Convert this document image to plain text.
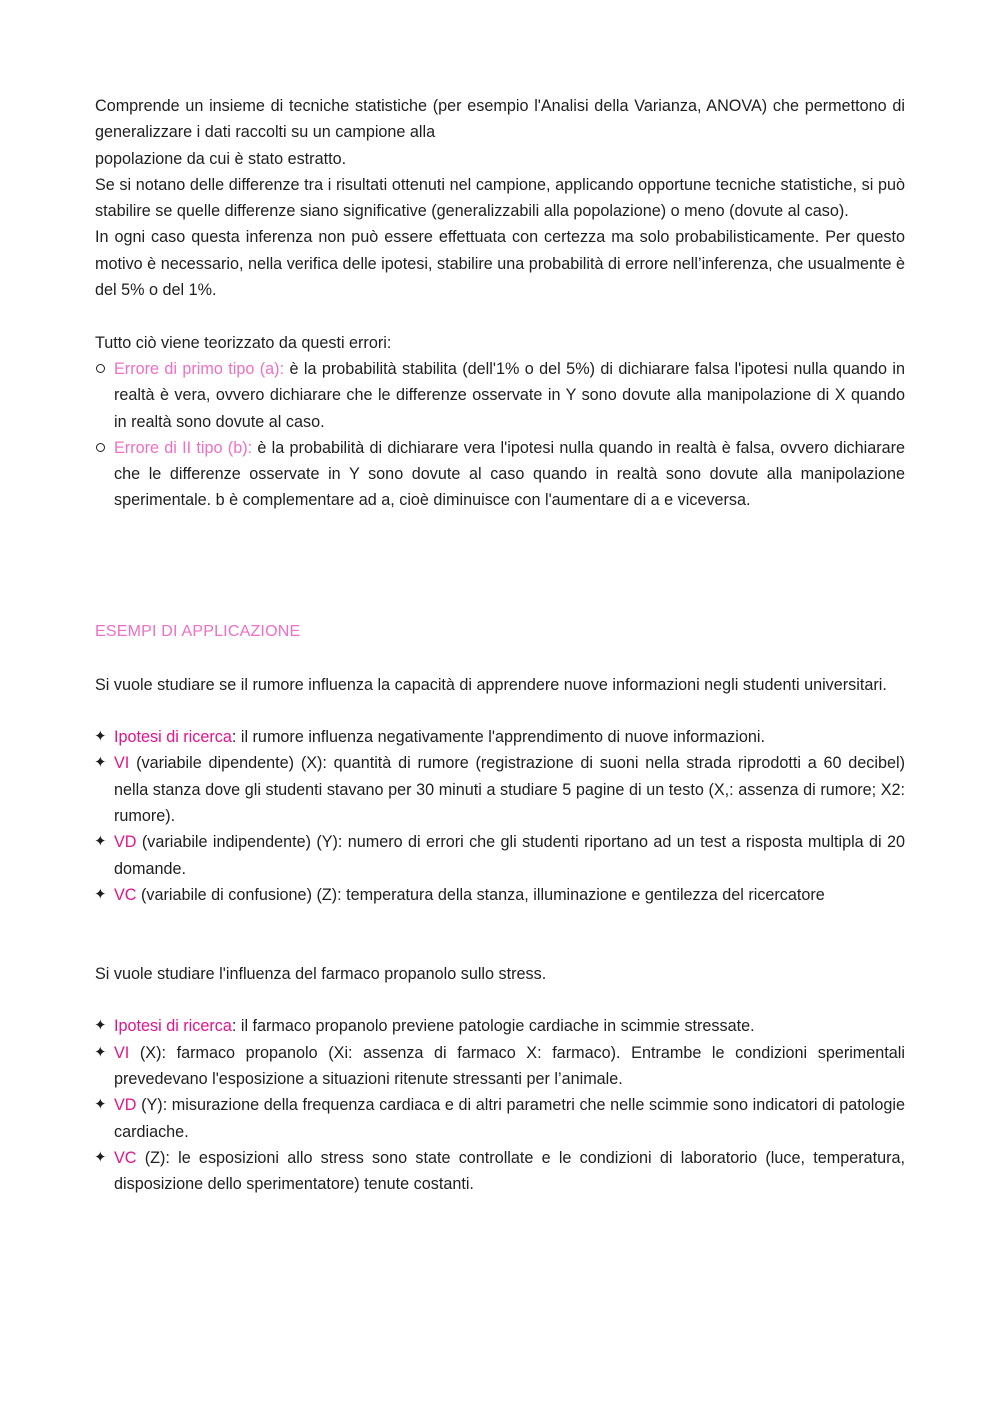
Comprende un insieme di tecniche statistiche (per esempio l'Analisi della Varianza, ANOVA) che permettono di generalizzare i dati raccolti su un campione alla

popolazione da cui è stato estratto.

Se si notano delle differenze tra i risultati ottenuti nel campione, applicando opportune tecniche statistiche, si può stabilire se quelle differenze siano significative (generalizzabili alla popolazione) o meno (dovute al caso).

In ogni caso questa inferenza non può essere effettuata con certezza ma solo probabilisticamente. Per questo motivo è necessario, nella verifica delle ipotesi, stabilire una probabilità di errore nell’inferenza, che usualmente è del 5% o del 1%.

Tutto ciò viene teorizzato da questi errori:

Errore di primo tipo (a): è la probabilità stabilita (dell'1% o del 5%) di dichiarare falsa l'ipotesi nulla quando in realtà è vera, ovvero dichiarare che le differenze osservate in Y sono dovute alla manipolazione di X quando in realtà sono dovute al caso.
Errore di II tipo (b): è la probabilità di dichiarare vera l'ipotesi nulla quando in realtà è falsa, ovvero dichiarare che le differenze osservate in Y sono dovute al caso quando in realtà sono dovute alla manipolazione sperimentale. b è complementare ad a, cioè diminuisce con l'aumentare di a e viceversa.

ESEMPI DI APPLICAZIONE

Si vuole studiare se il rumore influenza la capacità di apprendere nuove informazioni negli studenti universitari.

✦ Ipotesi di ricerca: il rumore influenza negativamente l'apprendimento di nuove informazioni.
✦ VI (variabile dipendente) (X): quantità di rumore (registrazione di suoni nella strada riprodotti a 60 decibel) nella stanza dove gli studenti stavano per 30 minuti a studiare 5 pagine di un testo (X,: assenza di rumore; X2: rumore).
✦ VD (variabile indipendente) (Y): numero di errori che gli studenti riportano ad un test a risposta multipla di 20 domande.
✦ VC (variabile di confusione) (Z): temperatura della stanza, illuminazione e gentilezza del ricercatore

Si vuole studiare l'influenza del farmaco propanolo sullo stress.

✦ Ipotesi di ricerca: il farmaco propanolo previene patologie cardiache in scimmie stressate.
✦ VI (X): farmaco propanolo (Xi: assenza di farmaco X: farmaco). Entrambe le condizioni sperimentali prevedevano l'esposizione a situazioni ritenute stressanti per l’animale.
✦ VD (Y): misurazione della frequenza cardiaca e di altri parametri che nelle scimmie sono indicatori di patologie cardiache.
✦ VC (Z): le esposizioni allo stress sono state controllate e le condizioni di laboratorio (luce, temperatura, disposizione dello sperimentatore) tenute costanti.
